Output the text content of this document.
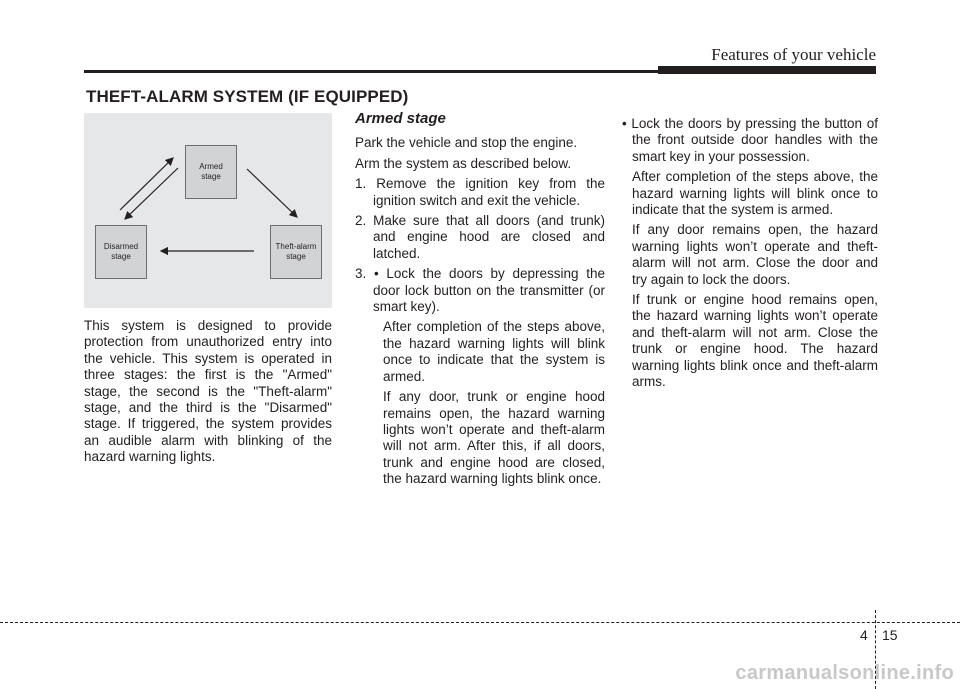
Features of your vehicle
THEFT-ALARM SYSTEM (IF EQUIPPED)
Armed
stage
Disarmed
stage
Theft-alarm
stage

This system is designed to provide protection from unauthorized entry into the vehicle. This system is operated in three stages: the first is the "Armed" stage, the second is the "Theft-alarm" stage, and the third is the "Disarmed" stage. If triggered, the system provides an audible alarm with blinking of the hazard warning lights.

Armed stage

Park the vehicle and stop the engine.

Arm the system as described below.

1. Remove the ignition key from the ignition switch and exit the vehicle.

2. Make sure that all doors (and trunk) and engine hood are closed and latched.

3. • Lock the doors by depressing the door lock button on the transmitter (or smart key).

After completion of the steps above, the hazard warning lights will blink once to indicate that the system is armed.

If any door, trunk or engine hood remains open, the hazard warning lights won’t operate and theft-alarm will not arm. After this, if all doors, trunk and engine hood are closed, the hazard warning lights blink once.

• Lock the doors by pressing the button of the front outside door handles with the smart key in your possession.

After completion of the steps above, the hazard warning lights will blink once to indicate that the system is armed.

If any door remains open, the hazard warning lights won’t operate and theft-alarm will not arm. Close the door and try again to lock the doors.

If trunk or engine hood remains open, the hazard warning lights won’t operate and theft-alarm will not arm. Close the trunk or engine hood. The hazard warning lights blink once and theft-alarm arms.

4 15
carmanualsonline.info
